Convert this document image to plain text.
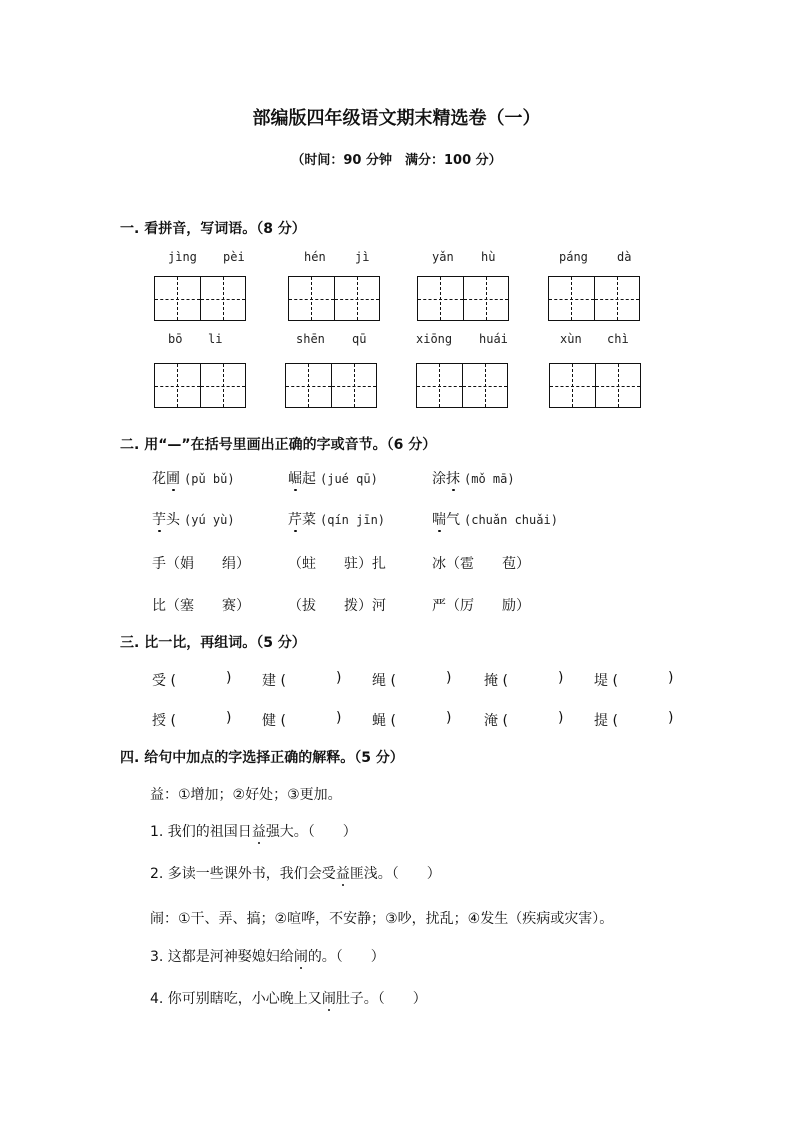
部编版四年级语文期末精选卷（一）
（时间：90 分钟　满分：100 分）
一. 看拼音，写词语。（8 分）
jìng pèi	hén jì	yǎn hù	páng dà
bō li	shēn qū	xiōng huái	xùn chì
二. 用“—”在括号里画出正确的字或音节。（6 分）
花圃 (pǔ bǔ)	崛起 (jué qū)	涂抹 (mǒ mā)
芋头 (yú yù)	芹菜 (qín jīn)	喘气 (chuǎn chuǎi)
手（娟　　绢）	（蛀　　驻）扎	冰（雹　　苞）
比（塞　　赛）	（拔　　拨）河	严（厉　　励）
三. 比一比，再组词。（5 分）
受 (	) 建 (	) 绳 (	) 掩 (	) 堤 (	)
授 (	) 健 (	) 蝇 (	) 淹 (	) 提 (	)
四. 给句中加点的字选择正确的解释。（5 分）
益：①增加；②好处；③更加。
1. 我们的祖国日益强大。（　　）
2. 多读一些课外书，我们会受益匪浅。（　　）
闹：①干、弄、搞；②喧哗，不安静；③吵，扰乱；④发生（疾病或灾害）。
3. 这都是河神娶媳妇给闹的。（　　）
4. 你可别瞎吃，小心晚上又闹肚子。（　　）
